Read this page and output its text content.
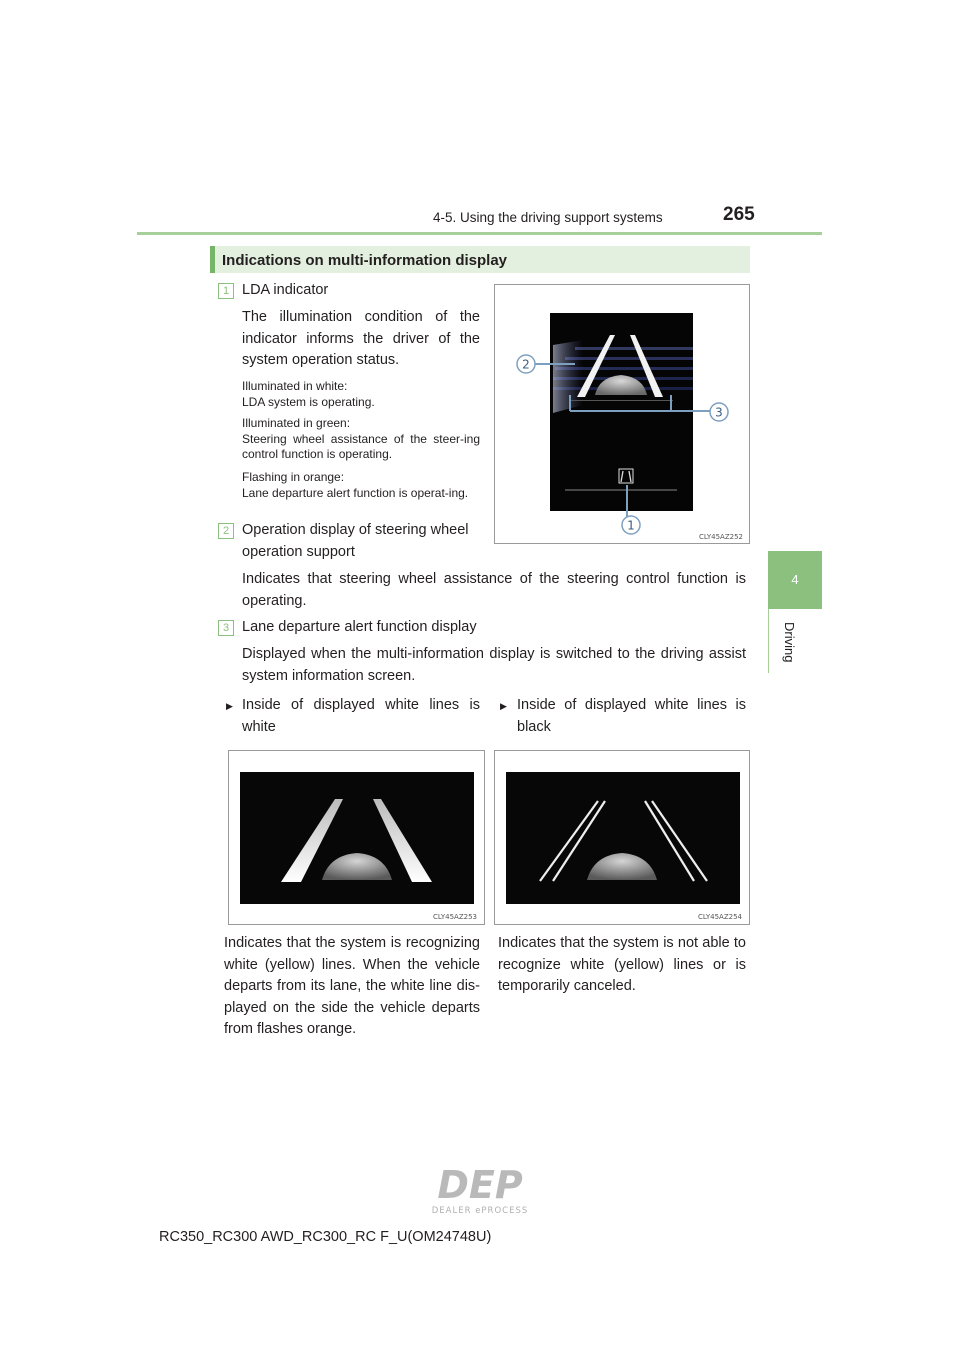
4-5. Using the driving support systems	265
4
Driving
Indications on multi-information display
1 LDA indicator
The illumination condition of the indicator informs the driver of the system operation status.
Illuminated in white:
LDA system is operating.
Illuminated in green:
Steering wheel assistance of the steer-ing control function is operating.
Flashing in orange:
Lane departure alert function is operat-ing.
2
3
1
CLY45AZ252
2 Operation display of steering wheel operation support
Indicates that steering wheel assistance of the steering control function is operating.
3 Lane departure alert function display
Displayed when the multi-information display is switched to the driving assist system information screen.
▶ Inside of displayed white lines is white
▶ Inside of displayed white lines is black
CLY45AZ253	CLY45AZ254
Indicates that the system is recognizing white (yellow) lines. When the vehicle departs from its lane, the white line dis-played on the side the vehicle departs from flashes orange.
Indicates that the system is not able to recognize white (yellow) lines or is temporarily canceled.
DEP
DEALER ePROCESS
RC350_RC300 AWD_RC300_RC F_U(OM24748U)
